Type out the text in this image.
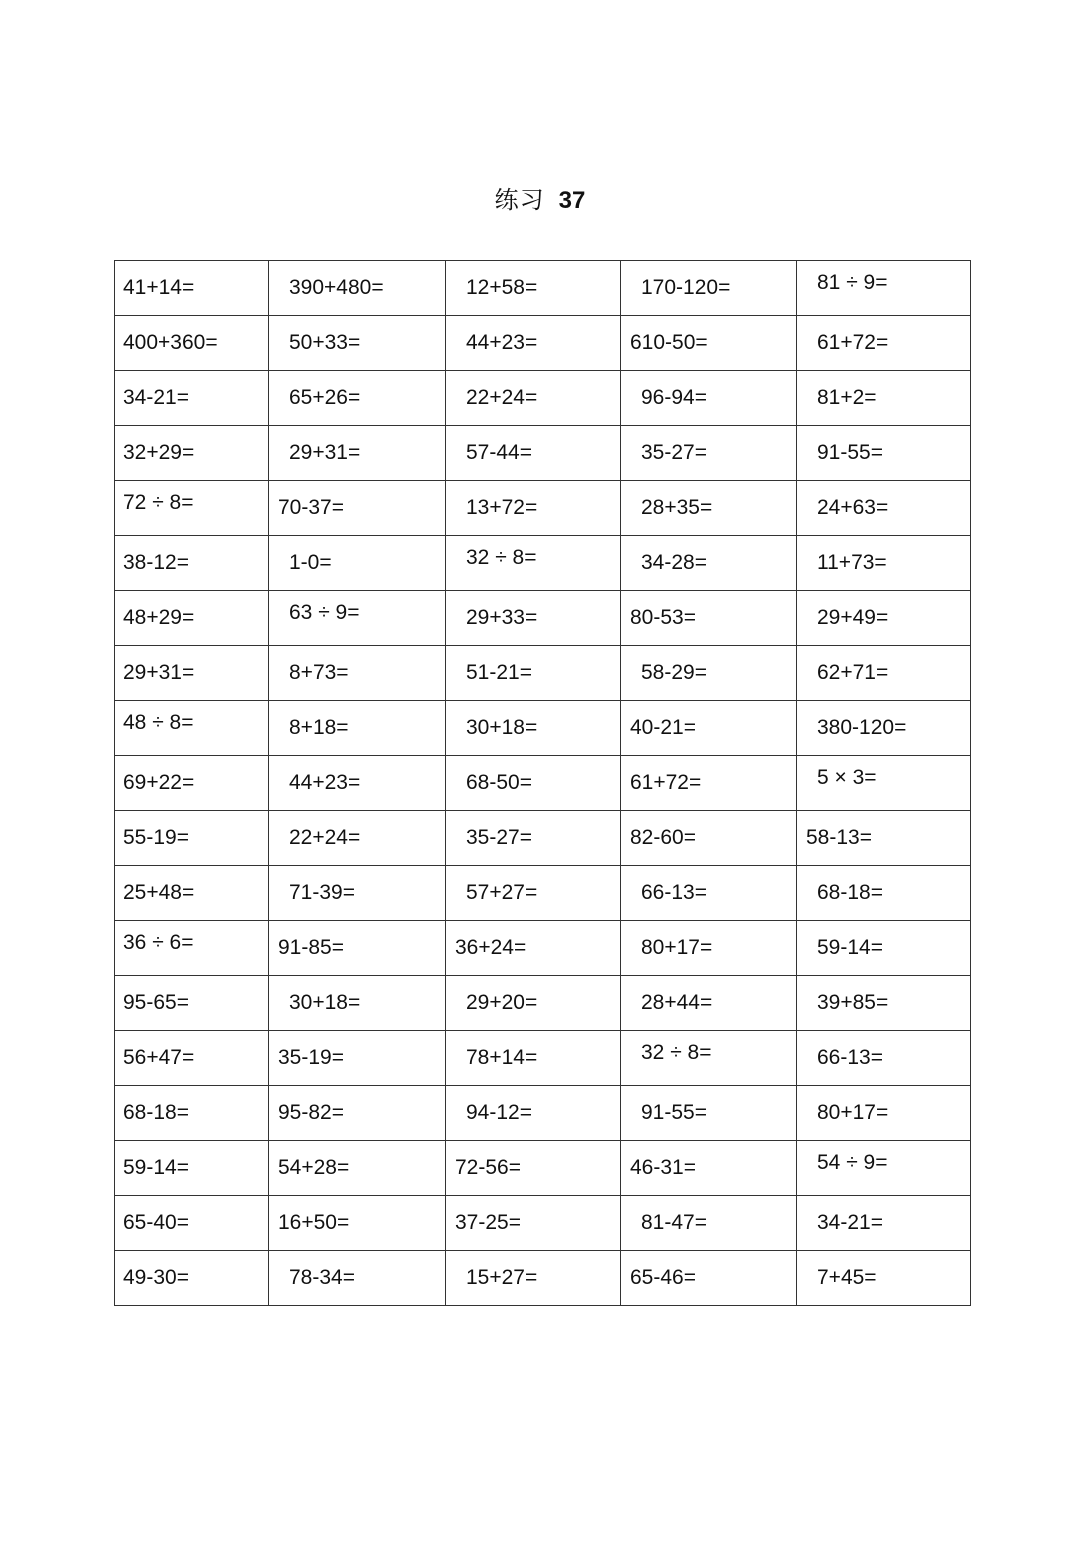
练习 37
41+14=	390+480=	12+58=	170-120=	81 ÷ 9=
400+360=	50+33=	44+23=	610-50=	61+72=
34-21=	65+26=	22+24=	96-94=	81+2=
32+29=	29+31=	57-44=	35-27=	91-55=
72 ÷ 8=	70-37=	13+72=	28+35=	24+63=
38-12=	1-0=	32 ÷ 8=	34-28=	11+73=
48+29=	63 ÷ 9=	29+33=	80-53=	29+49=
29+31=	8+73=	51-21=	58-29=	62+71=
48 ÷ 8=	8+18=	30+18=	40-21=	380-120=
69+22=	44+23=	68-50=	61+72=	5 × 3=
55-19=	22+24=	35-27=	82-60=	58-13=
25+48=	71-39=	57+27=	66-13=	68-18=
36 ÷ 6=	91-85=	36+24=	80+17=	59-14=
95-65=	30+18=	29+20=	28+44=	39+85=
56+47=	35-19=	78+14=	32 ÷ 8=	66-13=
68-18=	95-82=	94-12=	91-55=	80+17=
59-14=	54+28=	72-56=	46-31=	54 ÷ 9=
65-40=	16+50=	37-25=	81-47=	34-21=
49-30=	78-34=	15+27=	65-46=	7+45=
